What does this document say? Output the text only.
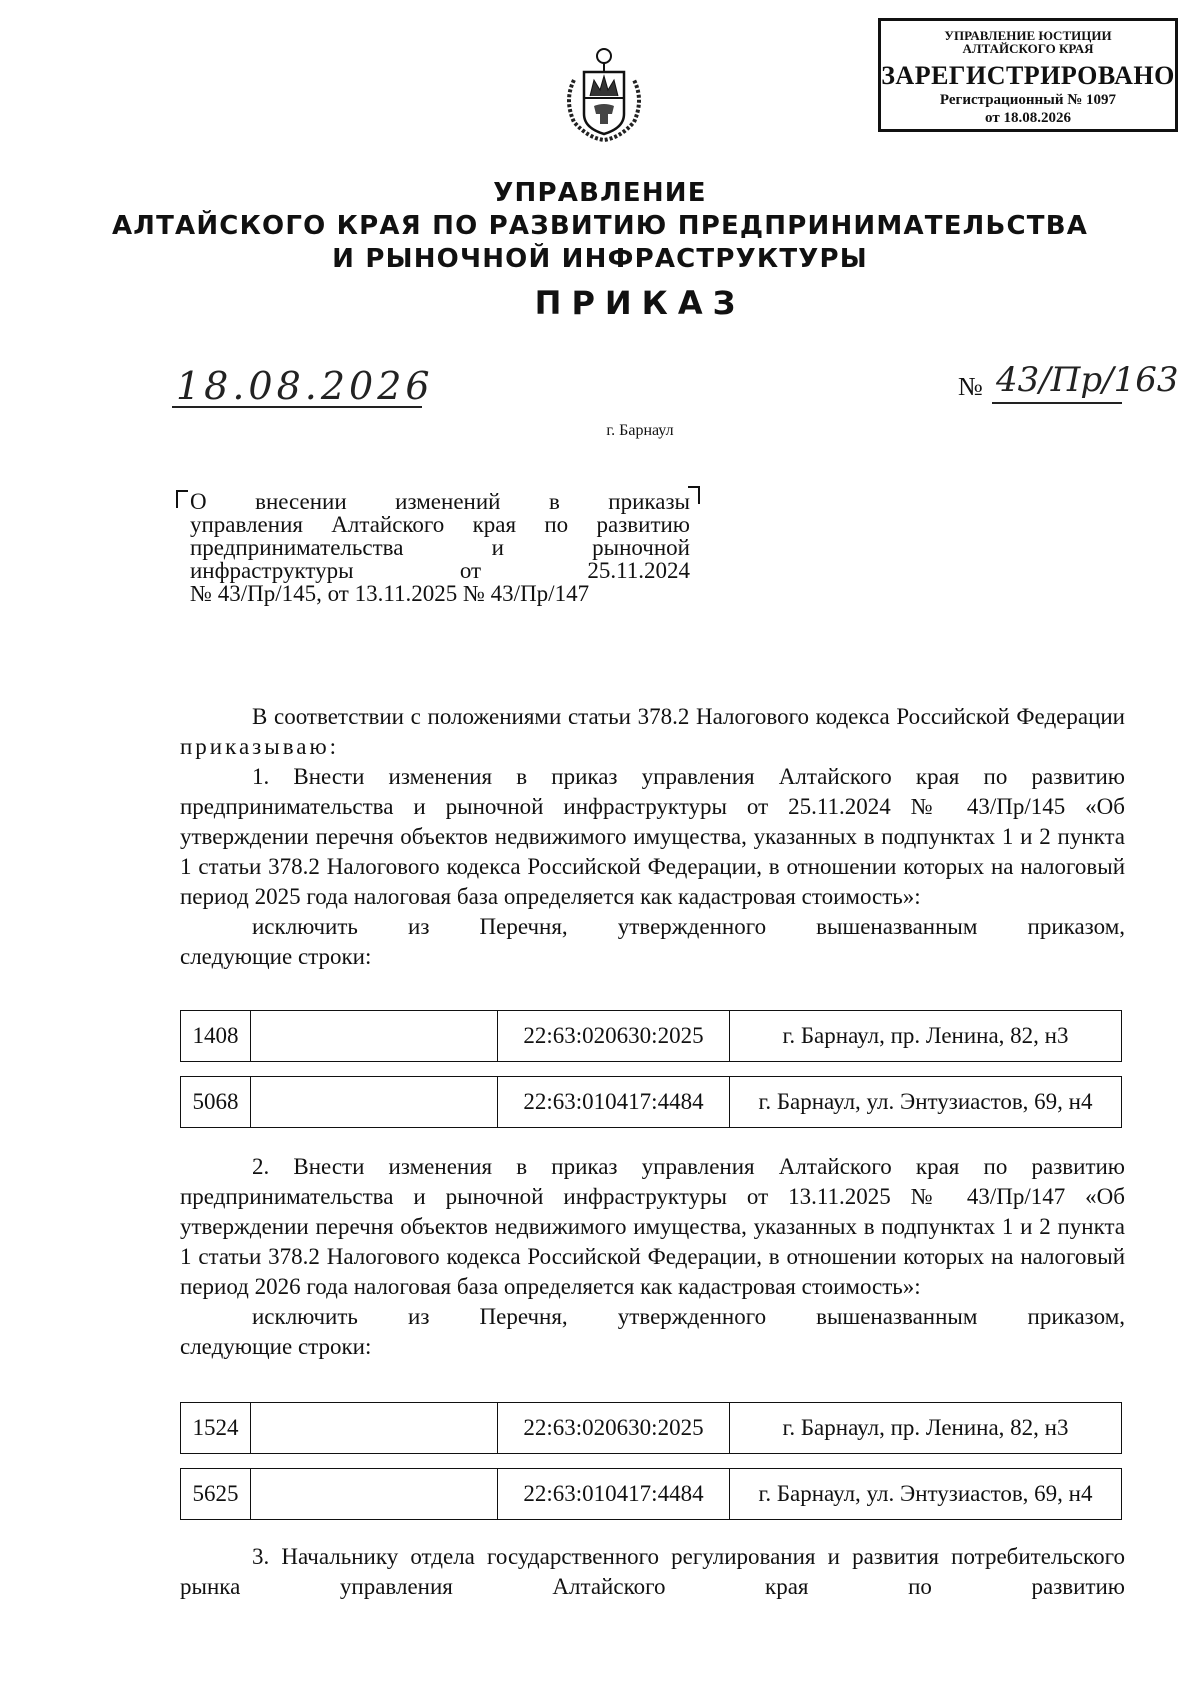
УПРАВЛЕНИЕ ЮСТИЦИИ
АЛТАЙСКОГО КРАЯ
ЗАРЕГИСТРИРОВАНО
Регистрационный № 1097
от 18.08.2026
УПРАВЛЕНИЕ
АЛТАЙСКОГО КРАЯ ПО РАЗВИТИЮ ПРЕДПРИНИМАТЕЛЬСТВА
И РЫНОЧНОЙ ИНФРАСТРУКТУРЫ
ПРИКАЗ
18.08.2026	№ 43/Пр/163
г. Барнаул
О внесении изменений в приказы
управления Алтайского края по развитию
предпринимательства и рыночной
инфраструктуры от 25.11.2024
№ 43/Пр/145, от 13.11.2025 № 43/Пр/147

В соответствии с положениями статьи 378.2 Налогового кодекса Российской Федерации приказываю:

1. Внести изменения в приказ управления Алтайского края по развитию предпринимательства и рыночной инфраструктуры от 25.11.2024 № 43/Пр/145 «Об утверждении перечня объектов недвижимого имущества, указанных в подпунктах 1 и 2 пункта 1 статьи 378.2 Налогового кодекса Российской Федерации, в отношении которых на налоговый период 2025 года налоговая база определяется как кадастровая стоимость»:

исключить из Перечня, утвержденного вышеназванным приказом,

следующие строки:

1408	22:63:020630:2025	г. Барнаул, пр. Ленина, 82, н3
5068	22:63:010417:4484	г. Барнаул, ул. Энтузиастов, 69, н4

2. Внести изменения в приказ управления Алтайского края по развитию предпринимательства и рыночной инфраструктуры от 13.11.2025 № 43/Пр/147 «Об утверждении перечня объектов недвижимого имущества, указанных в подпунктах 1 и 2 пункта 1 статьи 378.2 Налогового кодекса Российской Федерации, в отношении которых на налоговый период 2026 года налоговая база определяется как кадастровая стоимость»:

исключить из Перечня, утвержденного вышеназванным приказом,

следующие строки:

1524	22:63:020630:2025	г. Барнаул, пр. Ленина, 82, н3
5625	22:63:010417:4484	г. Барнаул, ул. Энтузиастов, 69, н4

3. Начальнику отдела государственного регулирования и развития потребительского рынка управления Алтайского края по развитию
